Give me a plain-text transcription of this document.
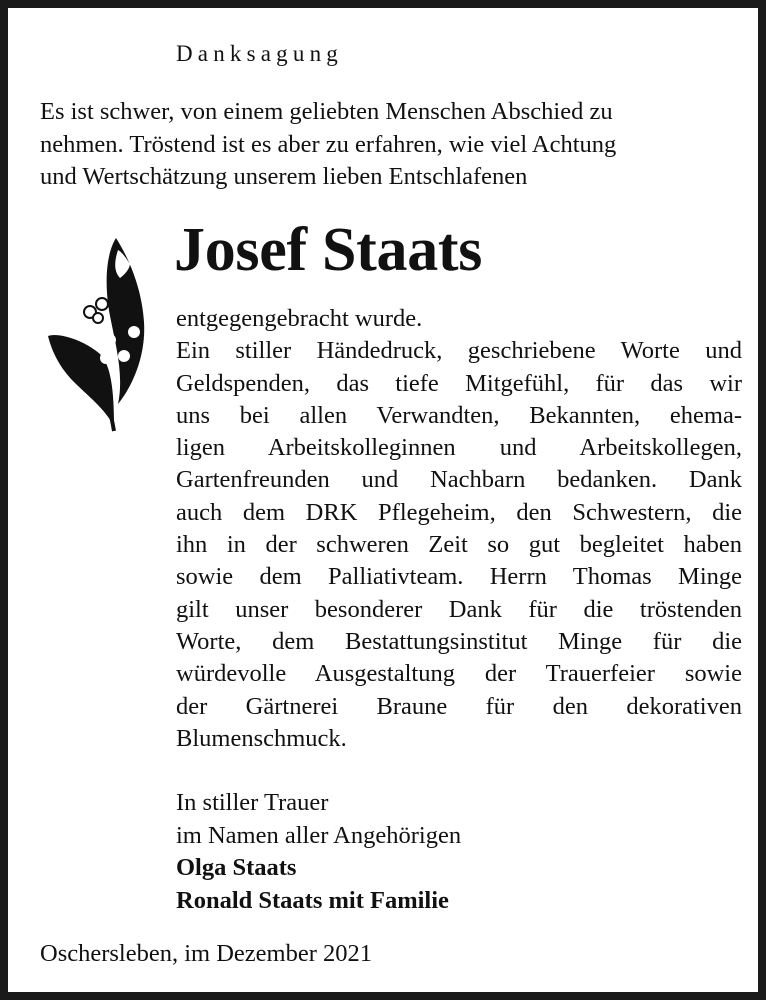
Danksagung
Es ist schwer, von einem geliebten Menschen Abschied zu
nehmen. Tröstend ist es aber zu erfahren, wie viel Achtung
und Wertschätzung unserem lieben Entschlafenen
Josef Staats
entgegengebracht wurde.
Ein stiller Händedruck, geschriebene Worte und
Geldspenden, das tiefe Mitgefühl, für das wir
uns bei allen Verwandten, Bekannten, ehema-
ligen Arbeitskolleginnen und Arbeitskollegen,
Gartenfreunden und Nachbarn bedanken. Dank
auch dem DRK Pflegeheim, den Schwestern, die
ihn in der schweren Zeit so gut begleitet haben
sowie dem Palliativteam. Herrn Thomas Minge
gilt unser besonderer Dank für die tröstenden
Worte, dem Bestattungsinstitut Minge für die
würdevolle Ausgestaltung der Trauerfeier sowie
der Gärtnerei Braune für den dekorativen
Blumenschmuck.
In stiller Trauer
im Namen aller Angehörigen
Olga Staats
Ronald Staats mit Familie
Oschersleben, im Dezember 2021
